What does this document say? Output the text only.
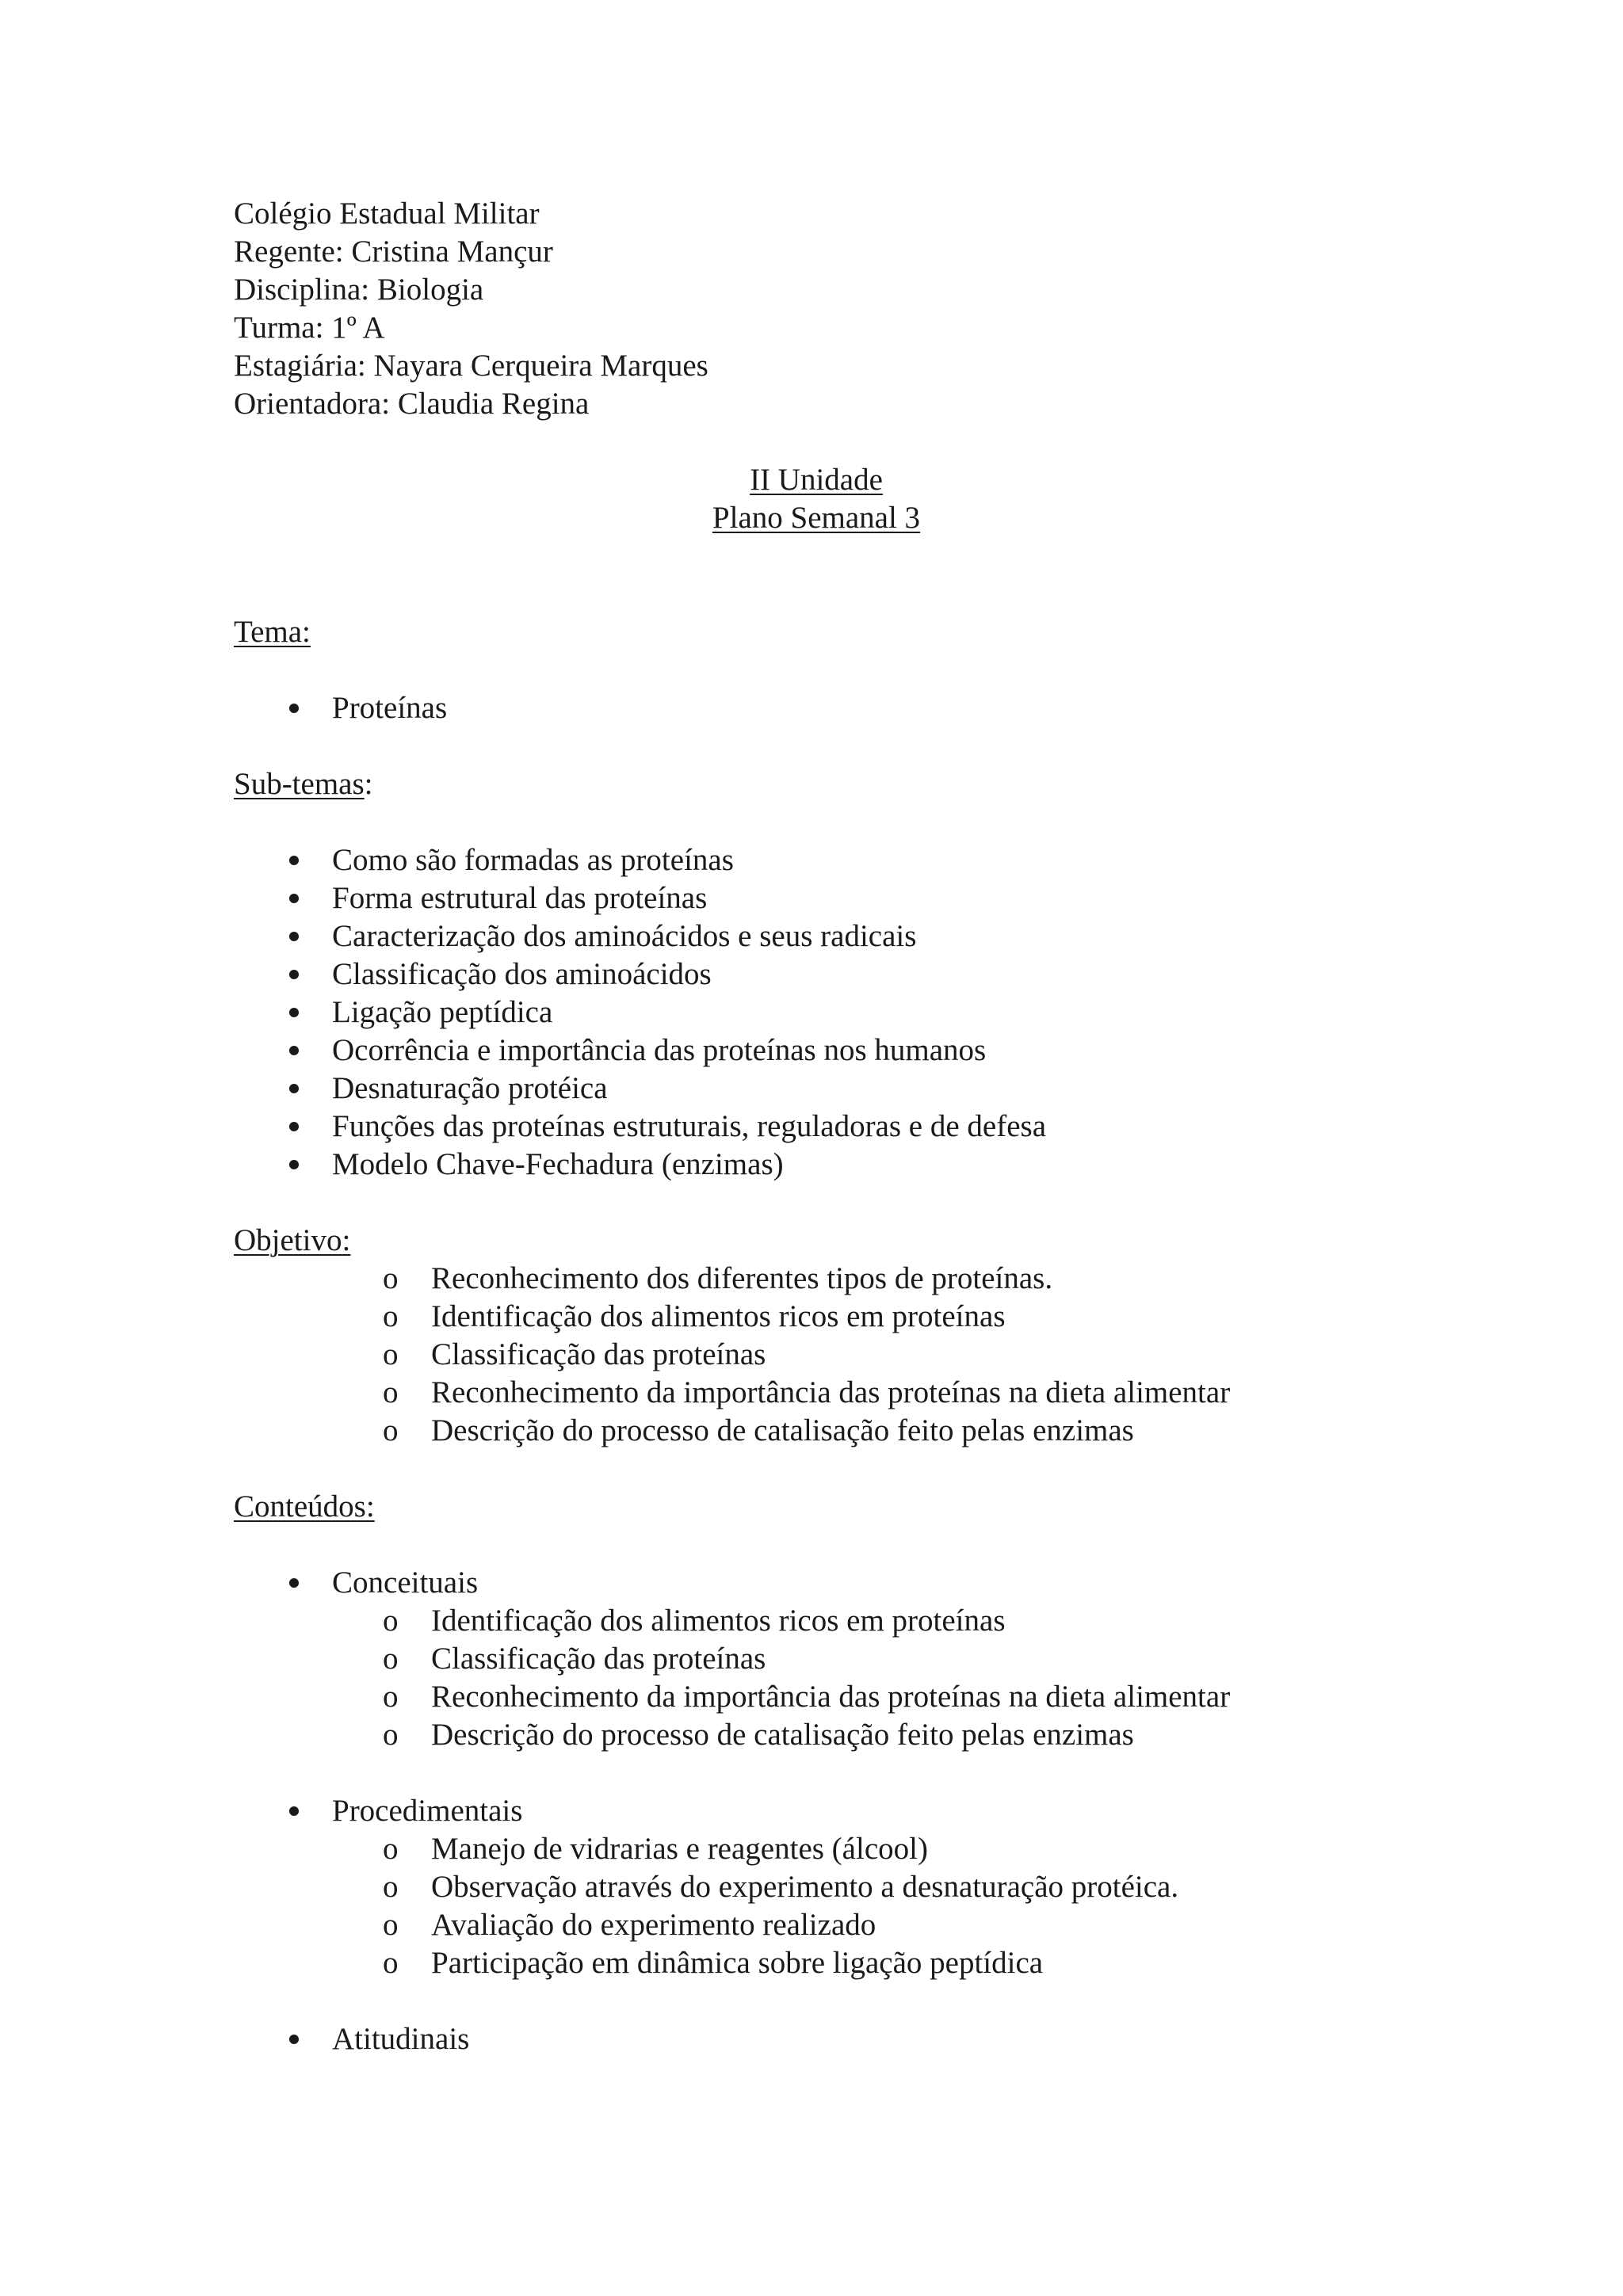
Colégio Estadual Militar
Regente: Cristina Mançur
Disciplina: Biologia
Turma: 1º A
Estagiária: Nayara Cerqueira Marques
Orientadora: Claudia Regina
II Unidade
Plano Semanal 3
Tema:
Proteínas
Sub-temas:
Como são formadas as proteínas
Forma estrutural das proteínas
Caracterização dos aminoácidos e seus radicais
Classificação dos aminoácidos
Ligação peptídica
Ocorrência e importância das proteínas nos humanos
Desnaturação protéica
Funções das proteínas estruturais, reguladoras e de defesa
Modelo Chave-Fechadura (enzimas)
Objetivo:
o Reconhecimento dos diferentes tipos de proteínas.
o Identificação dos alimentos ricos em proteínas
o Classificação das proteínas
o Reconhecimento da importância das proteínas na dieta alimentar
o Descrição do processo de catalisação feito pelas enzimas
Conteúdos:
Conceituais
o Identificação dos alimentos ricos em proteínas
o Classificação das proteínas
o Reconhecimento da importância das proteínas na dieta alimentar
o Descrição do processo de catalisação feito pelas enzimas
Procedimentais
o Manejo de vidrarias e reagentes (álcool)
o Observação através do experimento a desnaturação protéica.
o Avaliação do experimento realizado
o Participação em dinâmica sobre ligação peptídica
Atitudinais
